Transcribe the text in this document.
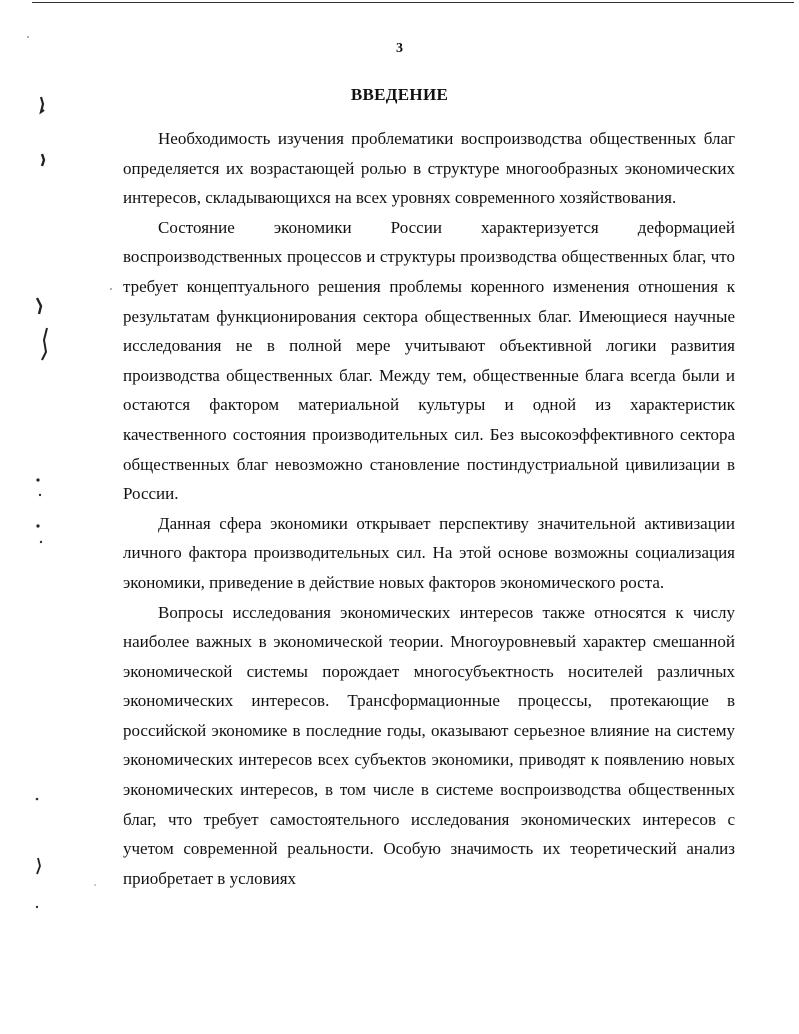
3
ВВЕДЕНИЕ

Необходимость изучения проблематики воспроизводства общественных благ определяется их возрастающей ролью в структуре многообразных экономических интересов, складывающихся на всех уровнях современного хозяйствования.

Состояние экономики России характеризуется деформацией воспроизводственных процессов и структуры производства общественных благ, что требует концептуального решения проблемы коренного изменения отношения к результатам функционирования сектора общественных благ. Имеющиеся научные исследования не в полной мере учитывают объективной логики развития производства общественных благ. Между тем, общественные блага всегда были и остаются фактором материальной культуры и одной из характеристик качественного состояния производительных сил. Без высокоэффективного сектора общественных благ невозможно становление постиндустриальной цивилизации в России.

Данная сфера экономики открывает перспективу значительной активизации личного фактора производительных сил. На этой основе возможны социализация экономики, приведение в действие новых факторов экономического роста.

Вопросы исследования экономических интересов также относятся к числу наиболее важных в экономической теории. Многоуровневый характер смешанной экономической системы порождает многосубъектность носителей различных экономических интересов. Трансформационные процессы, протекающие в российской экономике в последние годы, оказывают серьезное влияние на систему экономических интересов всех субъектов экономики, приводят к появлению новых экономических интересов, в том числе в системе воспроизводства общественных благ, что требует самостоятельного исследования экономических интересов с учетом современной реальности. Особую значимость их теоретический анализ приобретает в условиях
